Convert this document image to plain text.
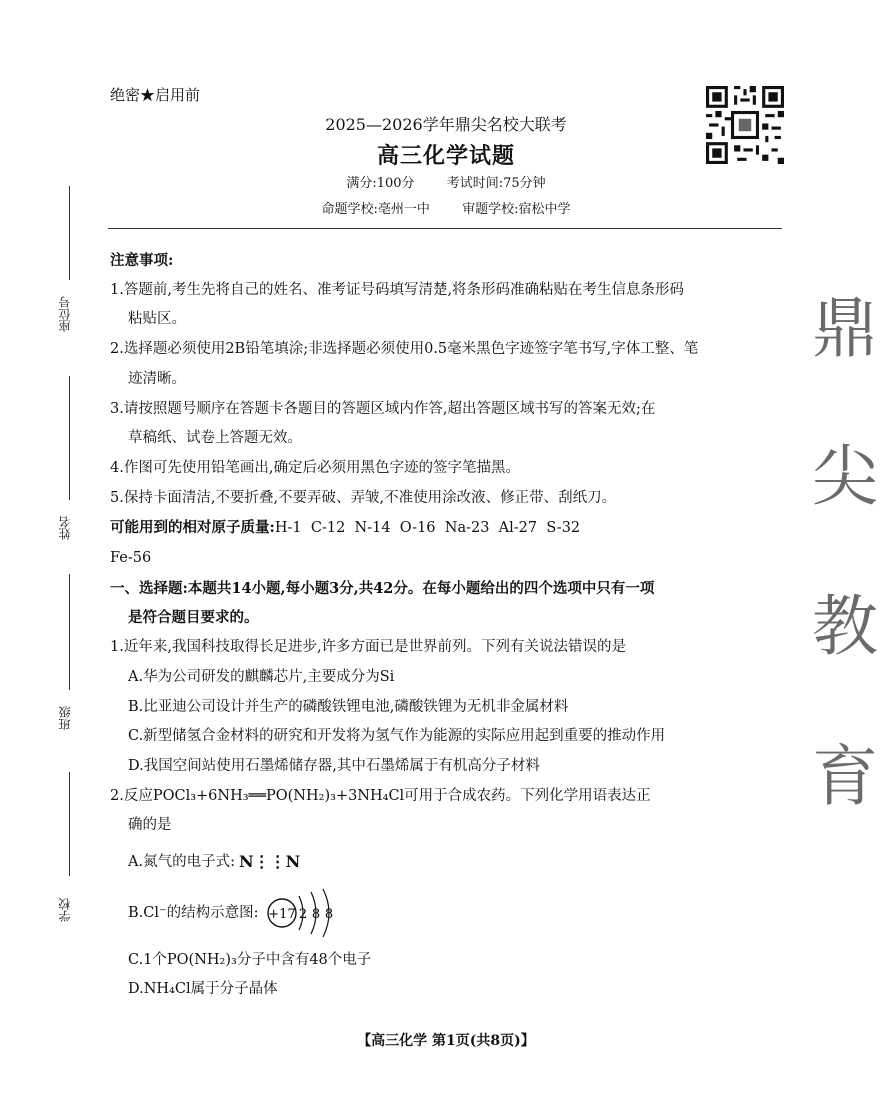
绝密★启用前
2025—2026学年鼎尖名校大联考
高三化学试题
满分:100分 考试时间:75分钟
命题学校:亳州一中 审题学校:宿松中学
座位号
姓名
班级
学校
鼎
尖
教
育

注意事项:

1.答题前,考生先将自己的姓名、准考证号码填写清楚,将条形码准确粘贴在考生信息条形码

粘贴区。

2.选择题必须使用2B铅笔填涂;非选择题必须使用0.5毫米黑色字迹签字笔书写,字体工整、笔

迹清晰。

3.请按照题号顺序在答题卡各题目的答题区域内作答,超出答题区域书写的答案无效;在

草稿纸、试卷上答题无效。

4.作图可先使用铅笔画出,确定后必须用黑色字迹的签字笔描黑。

5.保持卡面清洁,不要折叠,不要弄破、弄皱,不准使用涂改液、修正带、刮纸刀。

可能用到的相对原子质量:H-1  C-12  N-14  O-16  Na-23  Al-27  S-32

Fe-56

一、选择题:本题共14小题,每小题3分,共42分。在每小题给出的四个选项中只有一项

是符合题目要求的。

1.近年来,我国科技取得长足进步,许多方面已是世界前列。下列有关说法错误的是

A.华为公司研发的麒麟芯片,主要成分为Si

B.比亚迪公司设计并生产的磷酸铁锂电池,磷酸铁锂为无机非金属材料

C.新型储氢合金材料的研究和开发将为氢气作为能源的实际应用起到重要的推动作用

D.我国空间站使用石墨烯储存器,其中石墨烯属于有机高分子材料

2.反应POCl₃+6NH₃══PO(NH₂)₃+3NH₄Cl可用于合成农药。下列化学用语表达正

确的是

A.氮气的电子式: N⋮⋮N

B.Cl⁻的结构示意图: +17 2 8 8

C.1个PO(NH₂)₃分子中含有48个电子

D.NH₄Cl属于分子晶体

【高三化学 第1页(共8页)】
